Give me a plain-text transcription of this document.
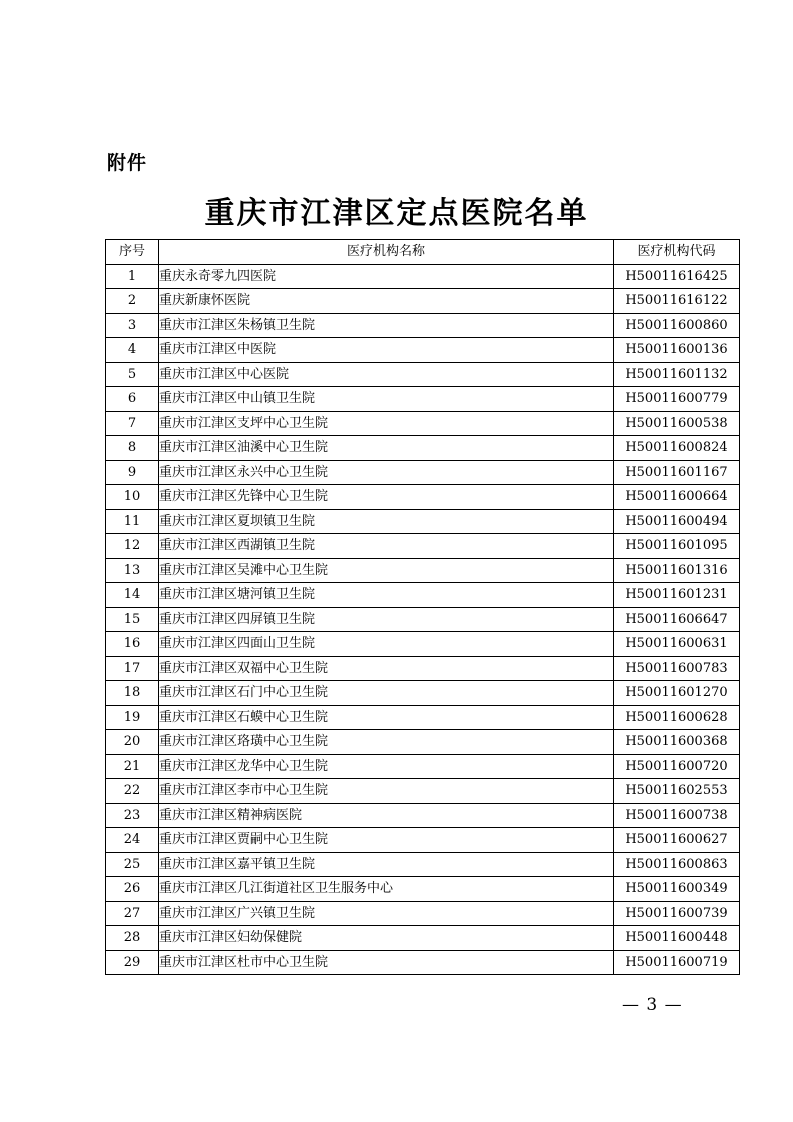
附件
重庆市江津区定点医院名单
序号	医疗机构名称	医疗机构代码
1	重庆永奇零九四医院	H50011616425
2	重庆新康怀医院	H50011616122
3	重庆市江津区朱杨镇卫生院	H50011600860
4	重庆市江津区中医院	H50011600136
5	重庆市江津区中心医院	H50011601132
6	重庆市江津区中山镇卫生院	H50011600779
7	重庆市江津区支坪中心卫生院	H50011600538
8	重庆市江津区油溪中心卫生院	H50011600824
9	重庆市江津区永兴中心卫生院	H50011601167
10	重庆市江津区先锋中心卫生院	H50011600664
11	重庆市江津区夏坝镇卫生院	H50011600494
12	重庆市江津区西湖镇卫生院	H50011601095
13	重庆市江津区吴滩中心卫生院	H50011601316
14	重庆市江津区塘河镇卫生院	H50011601231
15	重庆市江津区四屏镇卫生院	H50011606647
16	重庆市江津区四面山卫生院	H50011600631
17	重庆市江津区双福中心卫生院	H50011600783
18	重庆市江津区石门中心卫生院	H50011601270
19	重庆市江津区石蟆中心卫生院	H50011600628
20	重庆市江津区珞璜中心卫生院	H50011600368
21	重庆市江津区龙华中心卫生院	H50011600720
22	重庆市江津区李市中心卫生院	H50011602553
23	重庆市江津区精神病医院	H50011600738
24	重庆市江津区贾嗣中心卫生院	H50011600627
25	重庆市江津区嘉平镇卫生院	H50011600863
26	重庆市江津区几江街道社区卫生服务中心	H50011600349
27	重庆市江津区广兴镇卫生院	H50011600739
28	重庆市江津区妇幼保健院	H50011600448
29	重庆市江津区杜市中心卫生院	H50011600719
— 3 —
